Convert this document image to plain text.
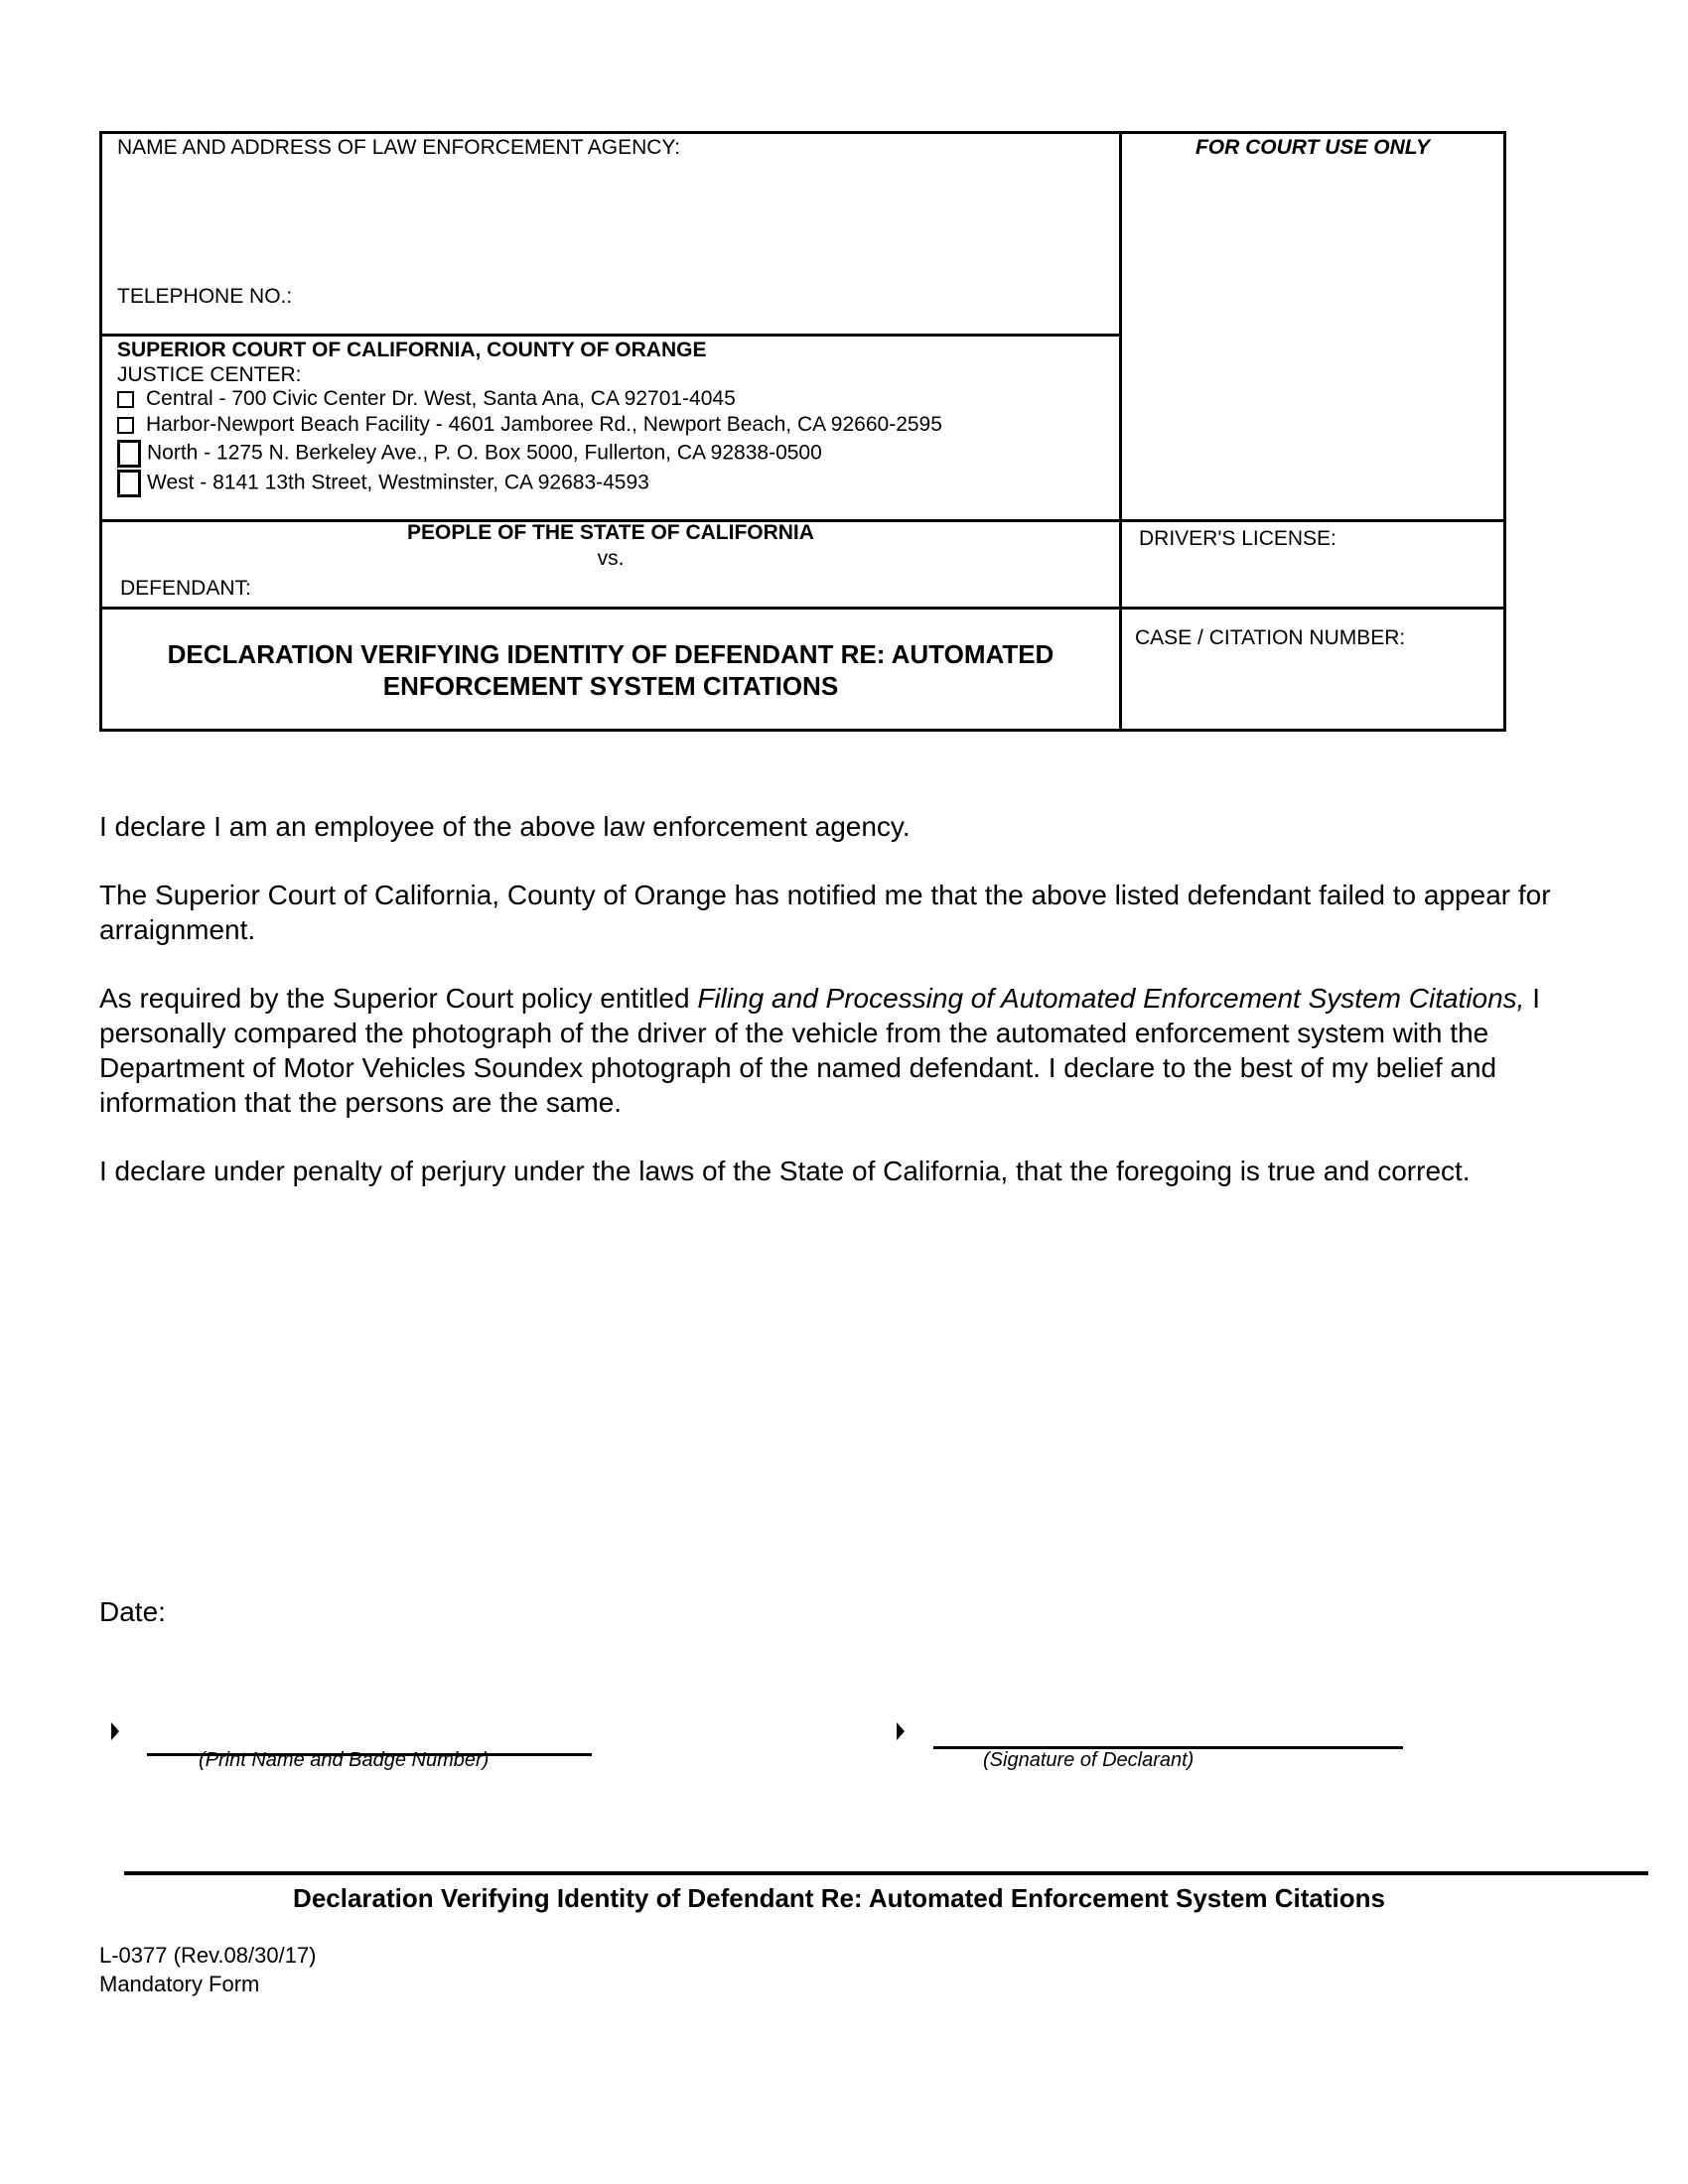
NAME AND ADDRESS OF LAW ENFORCEMENT AGENCY:
TELEPHONE NO.:
FOR COURT USE ONLY
SUPERIOR COURT OF CALIFORNIA, COUNTY OF ORANGE
JUSTICE CENTER:
Central - 700 Civic Center Dr. West, Santa Ana, CA 92701-4045
Harbor-Newport Beach Facility - 4601 Jamboree Rd., Newport Beach, CA 92660-2595
North - 1275 N. Berkeley Ave., P. O. Box 5000, Fullerton, CA 92838-0500
West - 8141 13th Street, Westminster, CA 92683-4593
PEOPLE OF THE STATE OF CALIFORNIA
vs.
DEFENDANT:
DRIVER'S LICENSE:
DECLARATION VERIFYING IDENTITY OF DEFENDANT RE: AUTOMATED
ENFORCEMENT SYSTEM CITATIONS
CASE / CITATION NUMBER:

I declare I am an employee of the above law enforcement agency.

The Superior Court of California, County of Orange has notified me that the above listed defendant failed to appear for arraignment.

As required by the Superior Court policy entitled Filing and Processing of Automated Enforcement System Citations, I personally compared the photograph of the driver of the vehicle from the automated enforcement system with the Department of Motor Vehicles Soundex photograph of the named defendant. I declare to the best of my belief and information that the persons are the same.

I declare under penalty of perjury under the laws of the State of California, that the foregoing is true and correct.

Date:
(Print Name and Badge Number)	(Signature of Declarant)
Declaration Verifying Identity of Defendant Re: Automated Enforcement System Citations
L-0377 (Rev.08/30/17)
Mandatory Form
